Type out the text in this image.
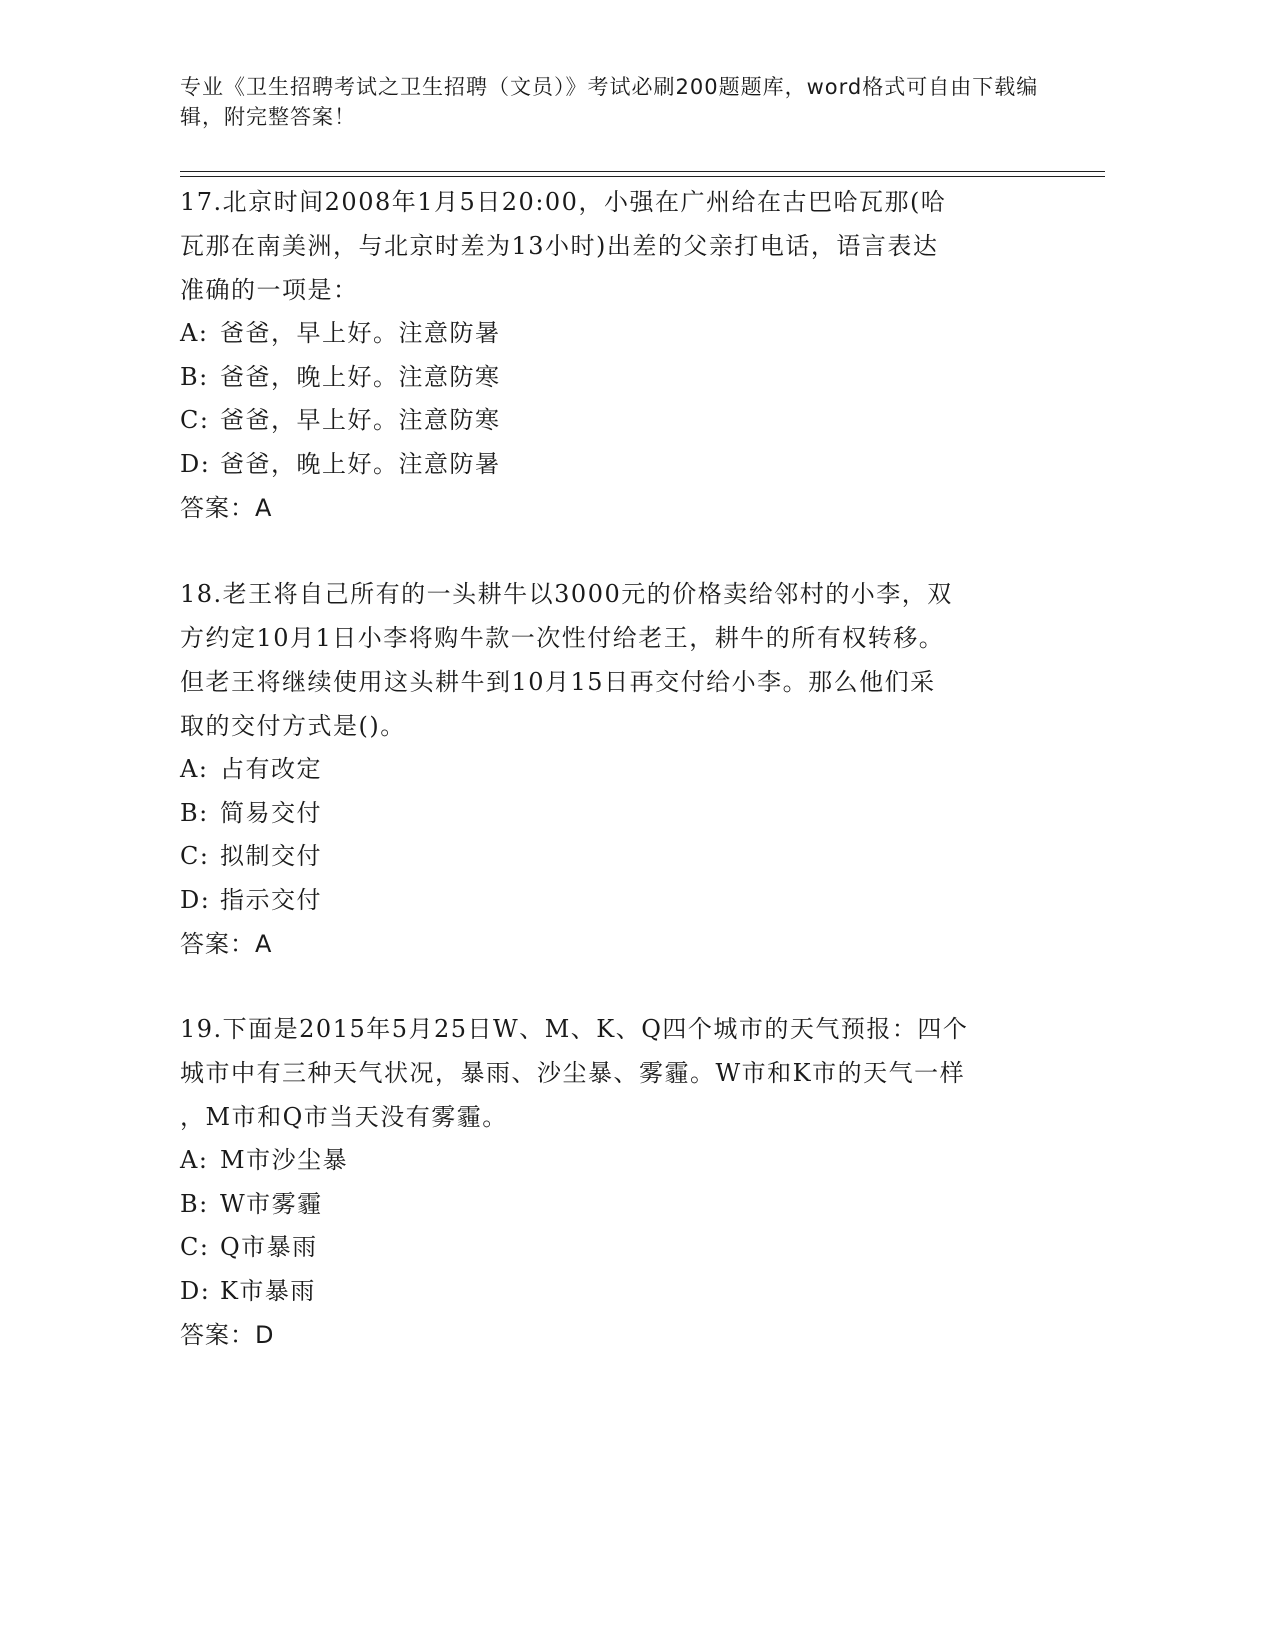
专业《卫生招聘考试之卫生招聘（文员）》考试必刷200题题库，word格式可自由下载编辑，附完整答案！
17.北京时间2008年1月5日20:00，小强在广州给在古巴哈瓦那(哈
瓦那在南美洲，与北京时差为13小时)出差的父亲打电话，语言表达
准确的一项是：
A: 爸爸，早上好。注意防暑
B: 爸爸，晚上好。注意防寒
C: 爸爸，早上好。注意防寒
D: 爸爸，晚上好。注意防暑
答案：A
18.老王将自己所有的一头耕牛以3000元的价格卖给邻村的小李，双
方约定10月1日小李将购牛款一次性付给老王，耕牛的所有权转移。
但老王将继续使用这头耕牛到10月15日再交付给小李。那么他们采
取的交付方式是()。
A: 占有改定
B: 简易交付
C: 拟制交付
D: 指示交付
答案：A
19.下面是2015年5月25日W、M、K、Q四个城市的天气预报：四个
城市中有三种天气状况，暴雨、沙尘暴、雾霾。W市和K市的天气一样
，M市和Q市当天没有雾霾。
A: M市沙尘暴
B: W市雾霾
C: Q市暴雨
D: K市暴雨
答案：D
